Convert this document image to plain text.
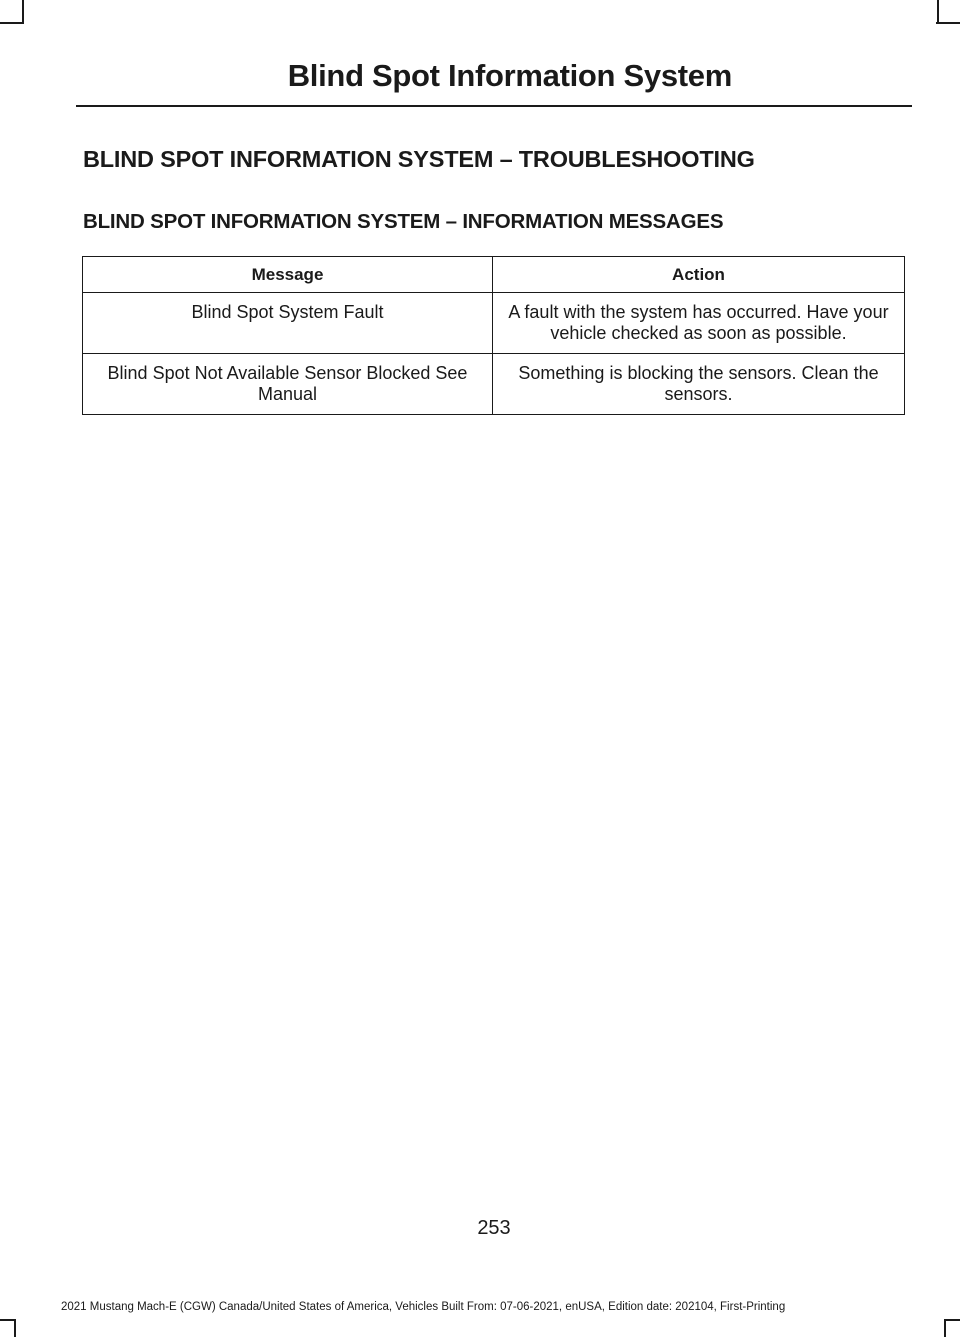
Blind Spot Information System
BLIND SPOT INFORMATION SYSTEM – TROUBLESHOOTING
BLIND SPOT INFORMATION SYSTEM – INFORMATION MESSAGES
Message	Action
Blind Spot System Fault	A fault with the system has occurred. Have your vehicle checked as soon as possible.
Blind Spot Not Available Sensor Blocked See Manual	Something is blocking the sensors. Clean the sensors.
253
2021 Mustang Mach-E (CGW) Canada/United States of America, Vehicles Built From: 07-06-2021, enUSA, Edition date: 202104, First-Printing
